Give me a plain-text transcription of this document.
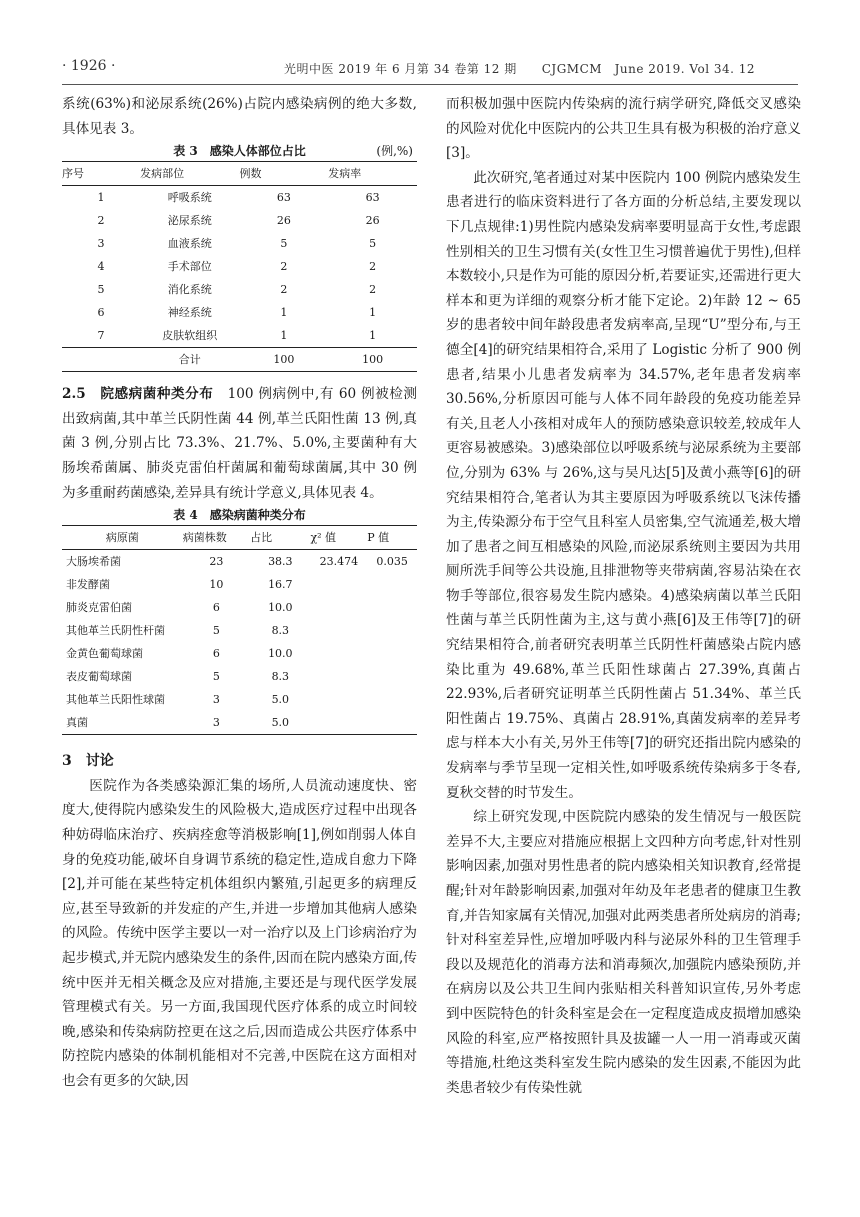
· 1926 ·	光明中医 2019 年 6 月第 34 卷第 12 期　　CJGMCM　June 2019. Vol 34. 12

系统(63%)和泌尿系统(26%)占院内感染病例的绝大多数,具体见表 3。

表 3　感染人体部位占比	(例,%)
序号	发病部位	例数	发病率
1	呼吸系统	63	63
2	泌尿系统	26	26
3	血液系统	5	5
4	手术部位	2	2
5	消化系统	2	2
6	神经系统	1	1
7	皮肤软组织	1	1
	合计	100	100

2.5　院感病菌种类分布　100 例病例中,有 60 例被检测出致病菌,其中革兰氏阴性菌 44 例,革兰氏阳性菌 13 例,真菌 3 例,分别占比 73.3%、21.7%、5.0%,主要菌种有大肠埃希菌属、肺炎克雷伯杆菌属和葡萄球菌属,其中 30 例为多重耐药菌感染,差异具有统计学意义,具体见表 4。

表 4　感染病菌种类分布
病原菌	病菌株数	占比	χ² 值	P 值
大肠埃希菌	23	38.3	23.474	0.035
非发酵菌	10	16.7		
肺炎克雷伯菌	6	10.0		
其他革兰氏阴性杆菌	5	8.3		
金黄色葡萄球菌	6	10.0		
表皮葡萄球菌	5	8.3		
其他革兰氏阳性球菌	3	5.0		
真菌	3	5.0		

3　讨论

医院作为各类感染源汇集的场所,人员流动速度快、密度大,使得院内感染发生的风险极大,造成医疗过程中出现各种妨碍临床治疗、疾病痊愈等消极影响[1],例如削弱人体自身的免疫功能,破坏自身调节系统的稳定性,造成自愈力下降[2],并可能在某些特定机体组织内繁殖,引起更多的病理反应,甚至导致新的并发症的产生,并进一步增加其他病人感染的风险。传统中医学主要以一对一治疗以及上门诊病治疗为起步模式,并无院内感染发生的条件,因而在院内感染方面,传统中医并无相关概念及应对措施,主要还是与现代医学发展管理模式有关。另一方面,我国现代医疗体系的成立时间较晚,感染和传染病防控更在这之后,因而造成公共医疗体系中防控院内感染的体制机能相对不完善,中医院在这方面相对也会有更多的欠缺,因

而积极加强中医院内传染病的流行病学研究,降低交叉感染的风险对优化中医院内的公共卫生具有极为积极的治疗意义[3]。

此次研究,笔者通过对某中医院内 100 例院内感染发生患者进行的临床资料进行了各方面的分析总结,主要发现以下几点规律:1)男性院内感染发病率要明显高于女性,考虑跟性别相关的卫生习惯有关(女性卫生习惯普遍优于男性),但样本数较小,只是作为可能的原因分析,若要证实,还需进行更大样本和更为详细的观察分析才能下定论。2)年龄 12 ~ 65 岁的患者较中间年龄段患者发病率高,呈现“U”型分布,与王德全[4]的研究结果相符合,采用了 Logistic 分析了 900 例患者,结果小儿患者发病率为 34.57%,老年患者发病率 30.56%,分析原因可能与人体不同年龄段的免疫功能差异有关,且老人小孩相对成年人的预防感染意识较差,较成年人更容易被感染。3)感染部位以呼吸系统与泌尿系统为主要部位,分别为 63% 与 26%,这与吴凡达[5]及黄小燕等[6]的研究结果相符合,笔者认为其主要原因为呼吸系统以飞沫传播为主,传染源分布于空气且科室人员密集,空气流通差,极大增加了患者之间互相感染的风险,而泌尿系统则主要因为共用厕所洗手间等公共设施,且排泄物等夹带病菌,容易沾染在衣物手等部位,很容易发生院内感染。4)感染病菌以革兰氏阳性菌与革兰氏阴性菌为主,这与黄小燕[6]及王伟等[7]的研究结果相符合,前者研究表明革兰氏阴性杆菌感染占院内感染比重为 49.68%,革兰氏阳性球菌占 27.39%,真菌占 22.93%,后者研究证明革兰氏阴性菌占 51.34%、革兰氏阳性菌占 19.75%、真菌占 28.91%,真菌发病率的差异考虑与样本大小有关,另外王伟等[7]的研究还指出院内感染的发病率与季节呈现一定相关性,如呼吸系统传染病多于冬春,夏秋交替的时节发生。

综上研究发现,中医院院内感染的发生情况与一般医院差异不大,主要应对措施应根据上文四种方向考虑,针对性别影响因素,加强对男性患者的院内感染相关知识教育,经常提醒;针对年龄影响因素,加强对年幼及年老患者的健康卫生教育,并告知家属有关情况,加强对此两类患者所处病房的消毒;针对科室差异性,应增加呼吸内科与泌尿外科的卫生管理手段以及规范化的消毒方法和消毒频次,加强院内感染预防,并在病房以及公共卫生间内张贴相关科普知识宣传,另外考虑到中医院特色的针灸科室是会在一定程度造成皮损增加感染风险的科室,应严格按照针具及拔罐一人一用一消毒或灭菌等措施,杜绝这类科室发生院内感染的发生因素,不能因为此类患者较少有传染性就
